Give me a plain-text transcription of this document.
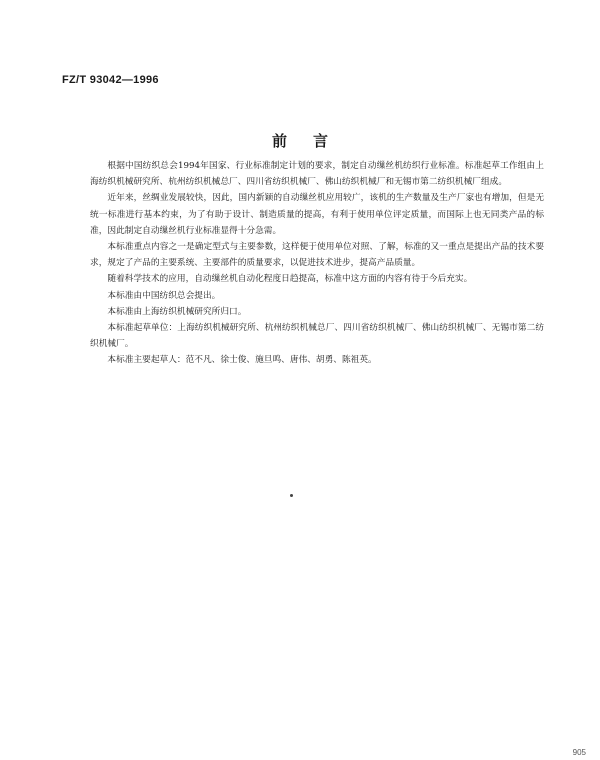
FZ/T 93042—1996
前言

根据中国纺织总会1994年国家、行业标准制定计划的要求，制定自动缫丝机纺织行业标准。标准起草工作组由上海纺织机械研究所、杭州纺织机械总厂、四川省纺织机械厂、佛山纺织机械厂和无锡市第二纺织机械厂组成。

近年来，丝绸业发展较快，因此，国内新颖的自动缫丝机应用较广，该机的生产数量及生产厂家也有增加，但是无统一标准进行基本约束，为了有助于设计、制造质量的提高，有利于使用单位评定质量，而国际上也无同类产品的标准，因此制定自动缫丝机行业标准显得十分急需。

本标准重点内容之一是确定型式与主要参数，这样便于使用单位对照、了解，标准的又一重点是提出产品的技术要求，规定了产品的主要系统、主要部件的质量要求，以促进技术进步，提高产品质量。

随着科学技术的应用，自动缫丝机自动化程度日趋提高，标准中这方面的内容有待于今后充实。

本标准由中国纺织总会提出。

本标准由上海纺织机械研究所归口。

本标准起草单位：上海纺织机械研究所、杭州纺织机械总厂、四川省纺织机械厂、佛山纺织机械厂、无锡市第二纺织机械厂。

本标准主要起草人：范不凡、徐士俊、施旦鸣、唐伟、胡勇、陈祖英。

905
